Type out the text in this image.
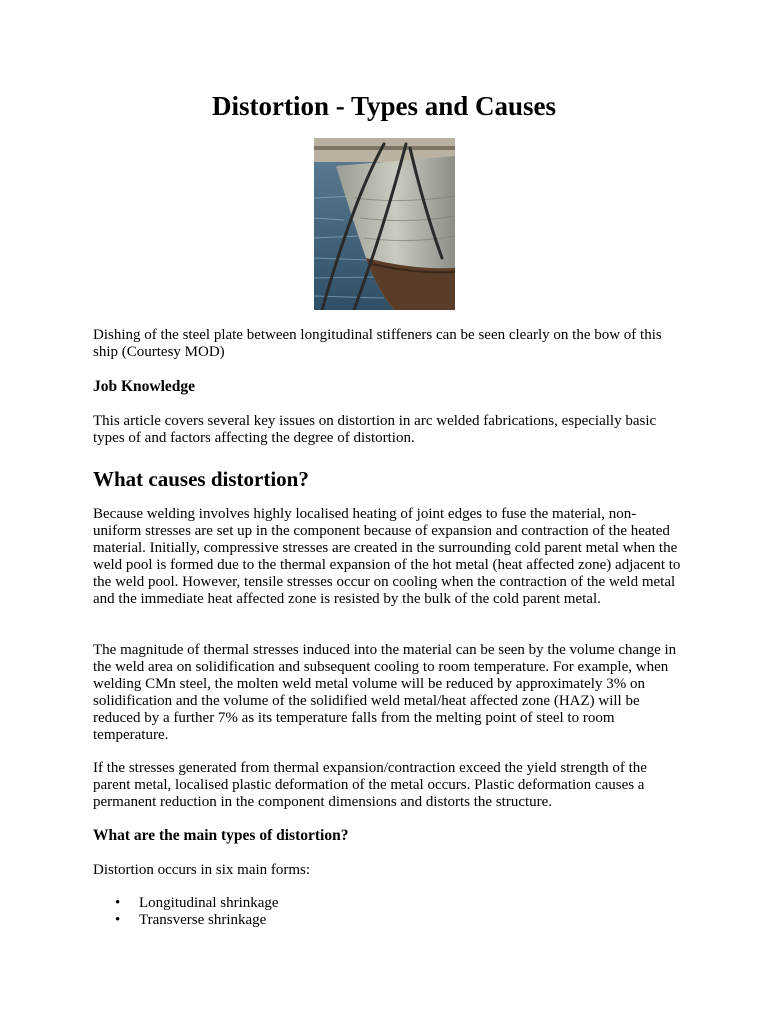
Distortion - Types and Causes

Dishing of the steel plate between longitudinal stiffeners can be seen clearly on the bow of this ship (Courtesy MOD)

Job Knowledge

This article covers several key issues on distortion in arc welded fabrications, especially basic types of and factors affecting the degree of distortion.

What causes distortion?

Because welding involves highly localised heating of joint edges to fuse the material, non-uniform stresses are set up in the component because of expansion and contraction of the heated material. Initially, compressive stresses are created in the surrounding cold parent metal when the weld pool is formed due to the thermal expansion of the hot metal (heat affected zone) adjacent to the weld pool. However, tensile stresses occur on cooling when the contraction of the weld metal and the immediate heat affected zone is resisted by the bulk of the cold parent metal.

The magnitude of thermal stresses induced into the material can be seen by the volume change in the weld area on solidification and subsequent cooling to room temperature. For example, when welding CMn steel, the molten weld metal volume will be reduced by approximately 3% on solidification and the volume of the solidified weld metal/heat affected zone (HAZ) will be reduced by a further 7% as its temperature falls from the melting point of steel to room temperature.

If the stresses generated from thermal expansion/contraction exceed the yield strength of the parent metal, localised plastic deformation of the metal occurs. Plastic deformation causes a permanent reduction in the component dimensions and distorts the structure.

What are the main types of distortion?

Distortion occurs in six main forms:

• Longitudinal shrinkage
• Transverse shrinkage
